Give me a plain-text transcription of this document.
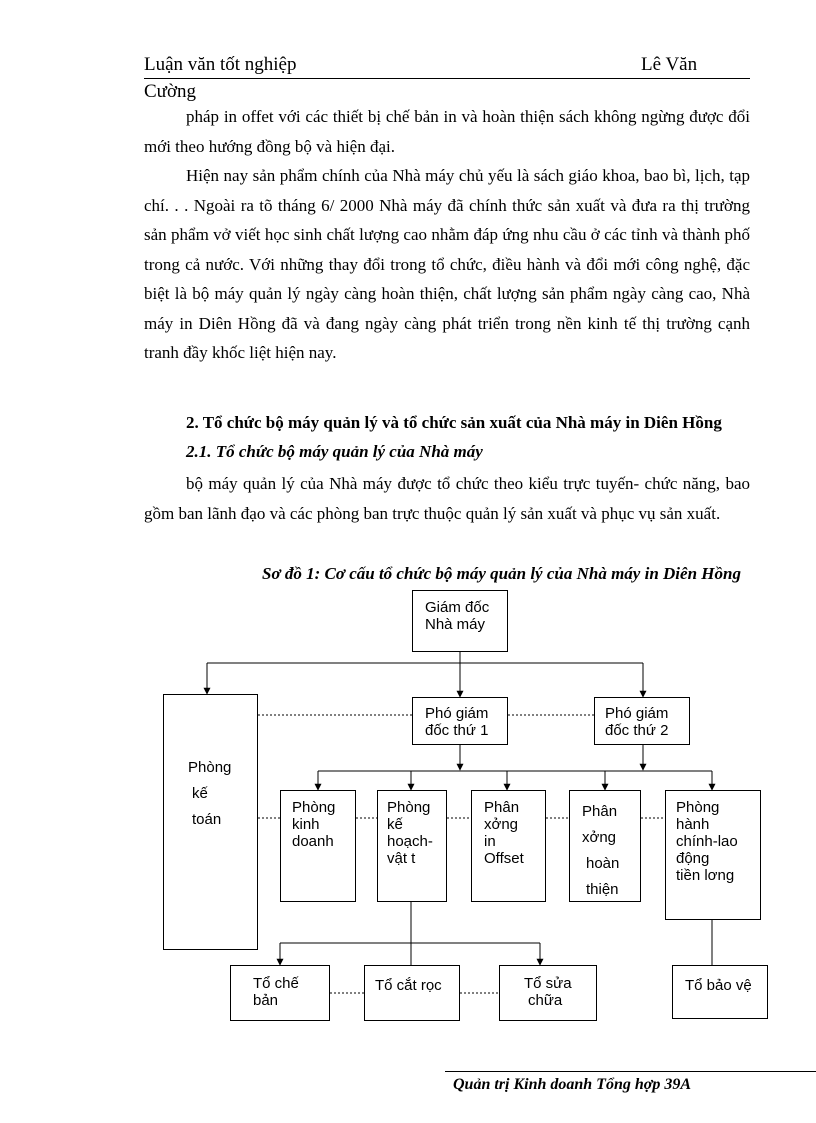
Luận văn tốt nghiệp	Lê Văn
Cường
pháp in offet với các thiết bị chế bản in và hoàn thiện sách không ngừng được đổi mới theo hướng đồng bộ và hiện đại.
Hiện nay sản phẩm chính của Nhà máy chủ yếu là sách giáo khoa, bao bì, lịch, tạp chí. . . Ngoài ra tõ tháng 6/ 2000 Nhà máy đã chính thức sản xuất và đưa ra thị trường sản phẩm vở viết học sinh chất lượng cao nhằm đáp ứng nhu cầu ở các tỉnh và thành phố trong cả nước. Với những thay đổi trong tổ chức, điều hành và đổi mới công nghệ, đặc biệt là bộ máy quản lý ngày càng hoàn thiện, chất lượng sản phẩm ngày càng cao, Nhà máy in Diên Hồng đã và đang ngày càng phát triển trong nền kinh tế thị trường cạnh tranh đầy khốc liệt hiện nay.
2. Tổ chức bộ máy quản lý và tổ chức sản xuất của Nhà máy in Diên Hồng
2.1. Tổ chức bộ máy quản lý của Nhà máy
bộ máy quản lý của Nhà máy được tổ chức theo kiểu trực tuyến- chức năng, bao gồm ban lãnh đạo và các phòng ban trực thuộc quản lý sản xuất và phục vụ sản xuất.
Sơ đồ 1: Cơ cấu tổ chức bộ máy quản lý của Nhà máy in Diên Hồng
Giám đốc
Nhà máy
Phòng
kế
toán
Phó giám
đốc thứ 1
Phó giám
đốc thứ 2
Phòng
kinh
doanh
Phòng
kế
hoạch-
vật t
Phân
xởng
in
Offset
Phân
xởng
hoàn
thiện
Phòng
hành
chính-lao
động
tiền lơng
Tổ chế
bản
Tổ cắt rọc	Tổ sửa
chữa
Tổ bảo vệ
Quản trị Kinh doanh Tổng hợp 39A
